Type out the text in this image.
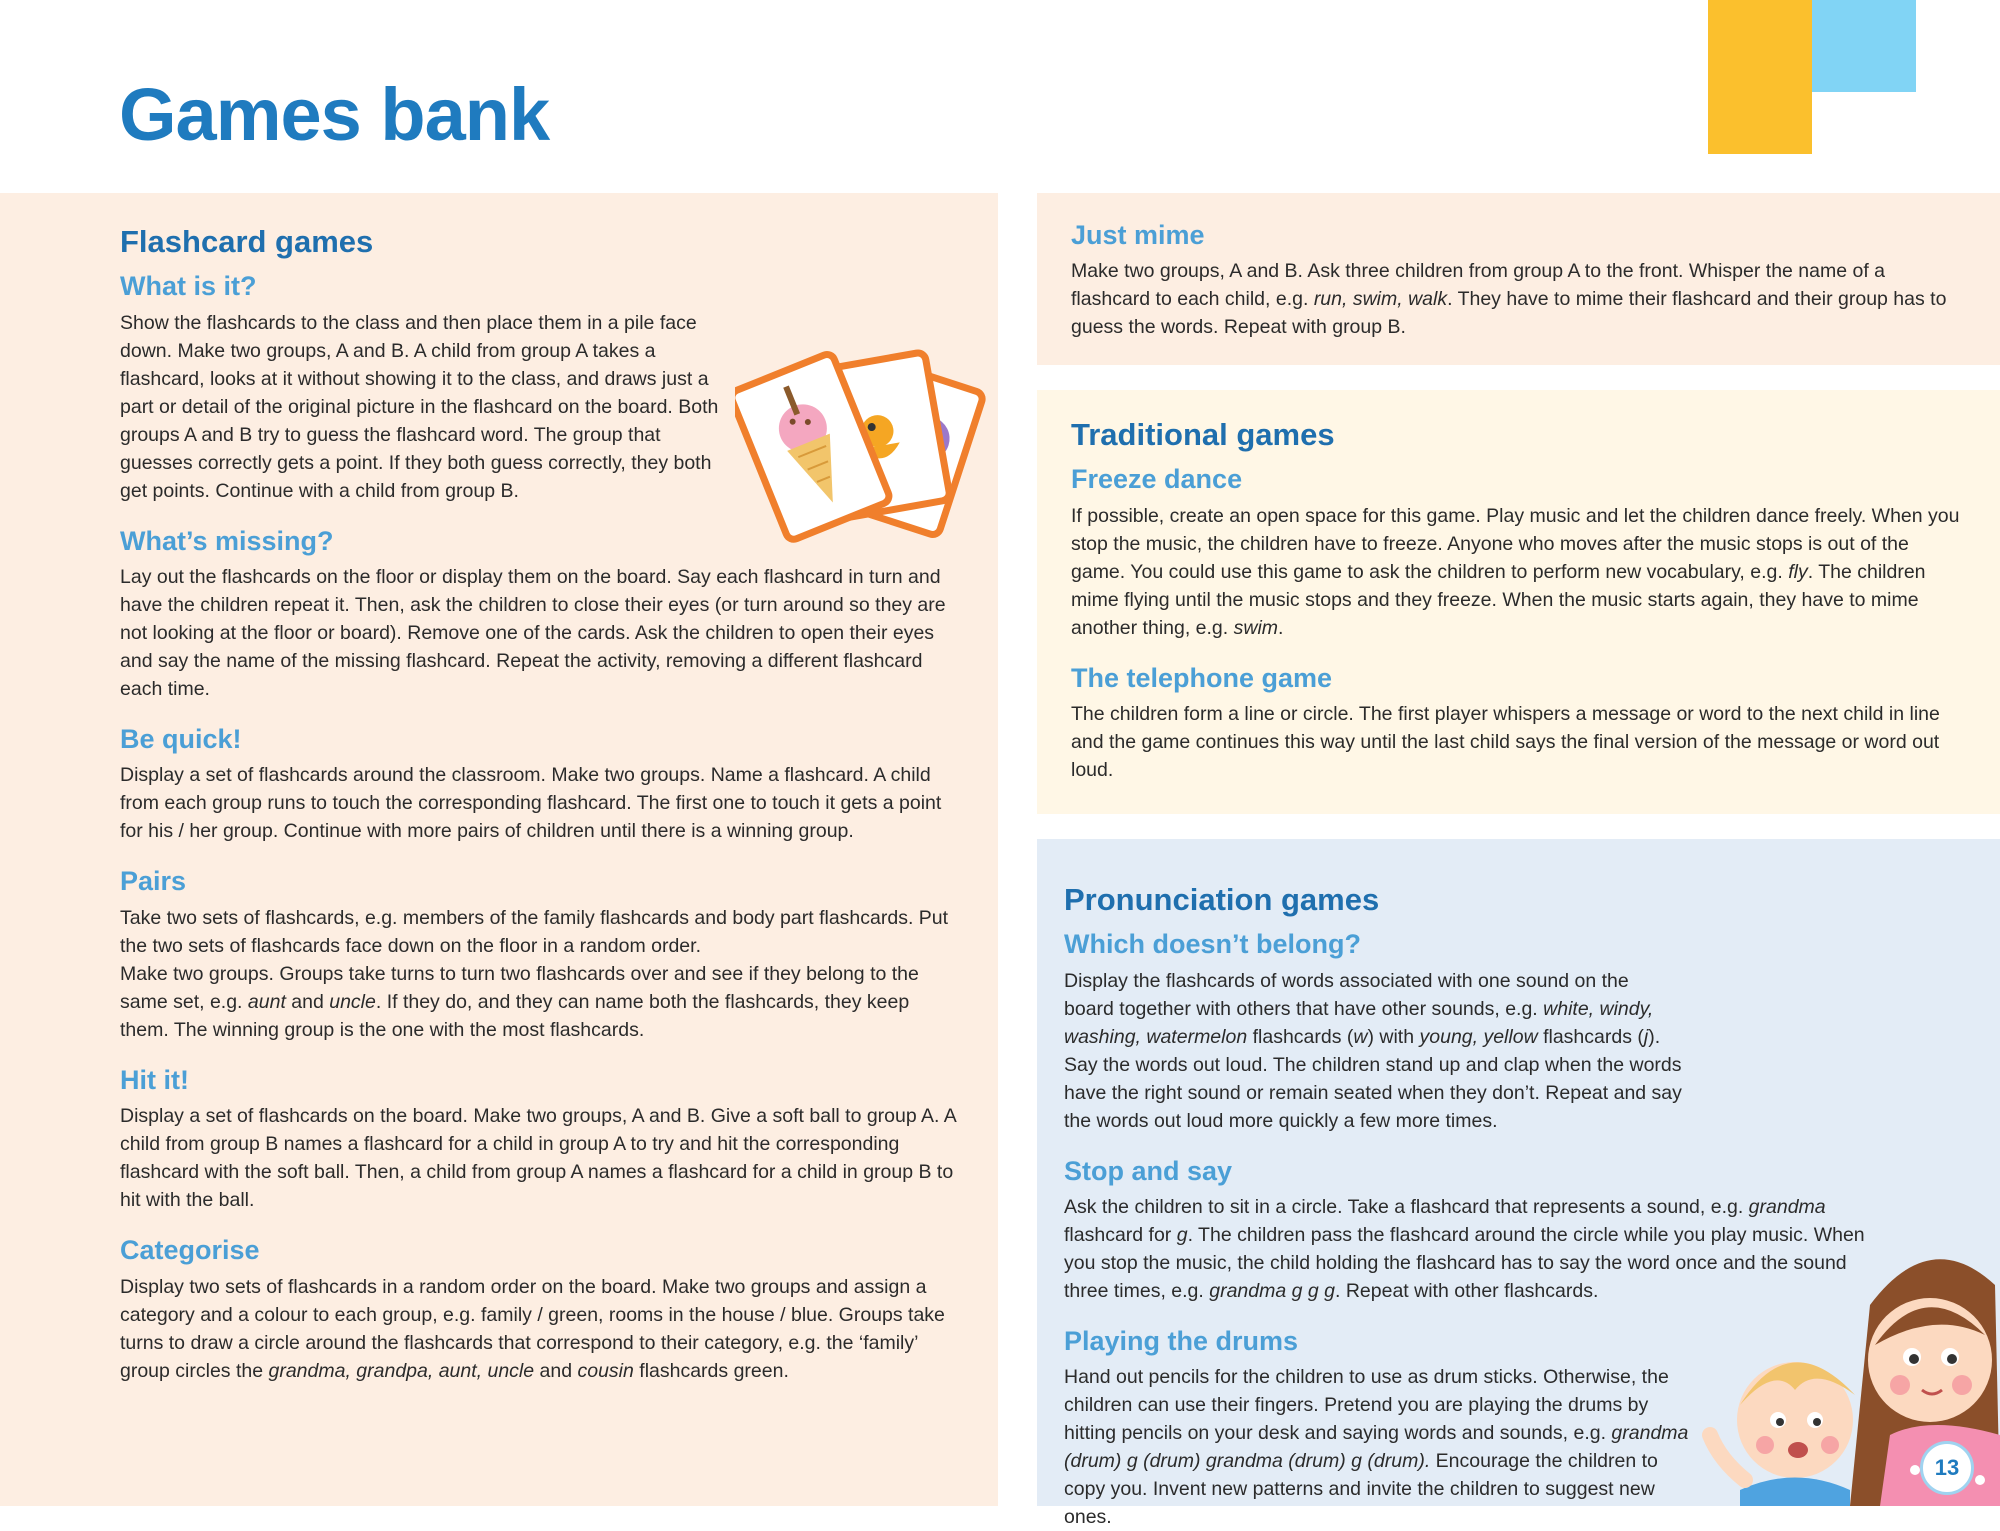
Games bank
Flashcard games
What is it?

Show the flashcards to the class and then place them in a pile face down. Make two groups, A and B. A child from group A takes a flashcard, looks at it without showing it to the class, and draws just a part or detail of the original picture in the flashcard on the board. Both groups A and B try to guess the flashcard word. The group that guesses correctly gets a point. If they both guess correctly, they both get points. Continue with a child from group B.

What’s missing?

Lay out the flashcards on the floor or display them on the board. Say each flashcard in turn and have the children repeat it. Then, ask the children to close their eyes (or turn around so they are not looking at the floor or board). Remove one of the cards. Ask the children to open their eyes and say the name of the missing flashcard. Repeat the activity, removing a different flashcard each time.

Be quick!

Display a set of flashcards around the classroom. Make two groups. Name a flashcard. A child from each group runs to touch the corresponding flashcard. The first one to touch it gets a point for his / her group. Continue with more pairs of children until there is a winning group.

Pairs

Take two sets of flashcards, e.g. members of the family flashcards and body part flashcards. Put the two sets of flashcards face down on the floor in a random order.

Make two groups. Groups take turns to turn two flashcards over and see if they belong to the same set, e.g. aunt and uncle. If they do, and they can name both the flashcards, they keep them. The winning group is the one with the most flashcards.

Hit it!

Display a set of flashcards on the board. Make two groups, A and B. Give a soft ball to group A. A child from group B names a flashcard for a child in group A to try and hit the corresponding flashcard with the soft ball. Then, a child from group A names a flashcard for a child in group B to hit with the ball.

Categorise

Display two sets of flashcards in a random order on the board. Make two groups and assign a category and a colour to each group, e.g. family / green, rooms in the house / blue. Groups take turns to draw a circle around the flashcards that correspond to their category, e.g. the ‘family’ group circles the grandma, grandpa, aunt, uncle and cousin flashcards green.

Just mime

Make two groups, A and B. Ask three children from group A to the front. Whisper the name of a flashcard to each child, e.g. run, swim, walk. They have to mime their flashcard and their group has to guess the words. Repeat with group B.

Traditional games
Freeze dance

If possible, create an open space for this game. Play music and let the children dance freely. When you stop the music, the children have to freeze. Anyone who moves after the music stops is out of the game. You could use this game to ask the children to perform new vocabulary, e.g. fly. The children mime flying until the music stops and they freeze. When the music starts again, they have to mime another thing, e.g. swim.

The telephone game

The children form a line or circle. The first player whispers a message or word to the next child in line and the game continues this way until the last child says the final version of the message or word out loud.

Pronunciation games
Which doesn’t belong?

Display the flashcards of words associated with one sound on the board together with others that have other sounds, e.g. white, windy, washing, watermelon flashcards (w) with young, yellow flashcards (j).

Say the words out loud. The children stand up and clap when the words have the right sound or remain seated when they don’t. Repeat and say the words out loud more quickly a few more times.

Stop and say

Ask the children to sit in a circle. Take a flashcard that represents a sound, e.g. grandma flashcard for g. The children pass the flashcard around the circle while you play music. When you stop the music, the child holding the flashcard has to say the word once and the sound three times, e.g. grandma g g g. Repeat with other flashcards.

Playing the drums

Hand out pencils for the children to use as drum sticks. Otherwise, the children can use their fingers. Pretend you are playing the drums by hitting pencils on your desk and saying words and sounds, e.g. grandma (drum) g (drum) grandma (drum) g (drum). Encourage the children to copy you. Invent new patterns and invite the children to suggest new ones.

13
